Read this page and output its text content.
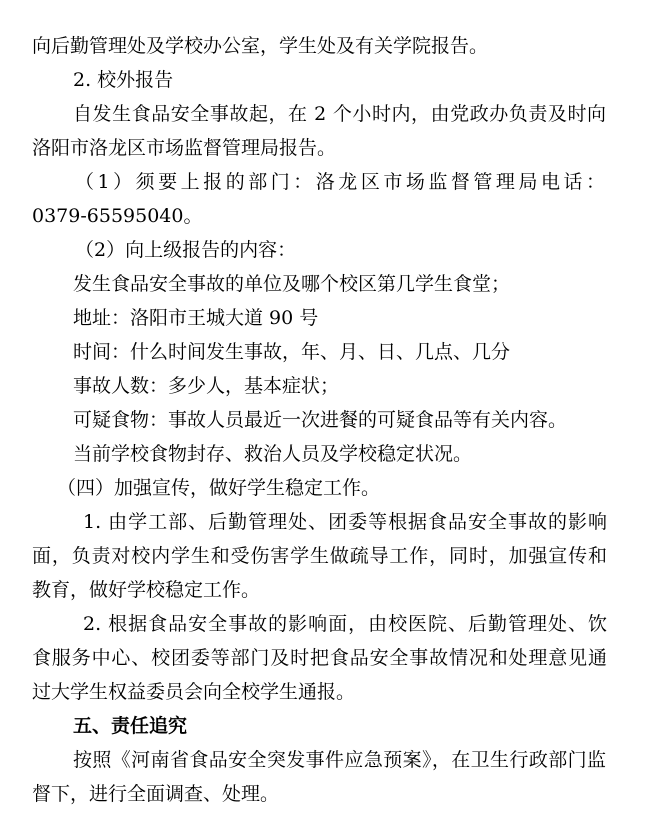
向后勤管理处及学校办公室，学生处及有关学院报告。
2. 校外报告
自发生食品安全事故起，在 2 个小时内，由党政办负责及时向
洛阳市洛龙区市场监督管理局报告。
（1）须要上报的部门：洛龙区市场监督管理局电话：
0379-65595040。
（2）向上级报告的内容：
发生食品安全事故的单位及哪个校区第几学生食堂；
地址：洛阳市王城大道 90 号
时间：什么时间发生事故，年、月、日、几点、几分
事故人数：多少人，基本症状；
可疑食物：事故人员最近一次进餐的可疑食品等有关内容。
当前学校食物封存、救治人员及学校稳定状况。
（四）加强宣传，做好学生稳定工作。
1. 由学工部、后勤管理处、团委等根据食品安全事故的影响
面，负责对校内学生和受伤害学生做疏导工作，同时，加强宣传和
教育，做好学校稳定工作。
2. 根据食品安全事故的影响面，由校医院、后勤管理处、饮
食服务中心、校团委等部门及时把食品安全事故情况和处理意见通
过大学生权益委员会向全校学生通报。
五、责任追究
按照《河南省食品安全突发事件应急预案》，在卫生行政部门监
督下，进行全面调查、处理。
